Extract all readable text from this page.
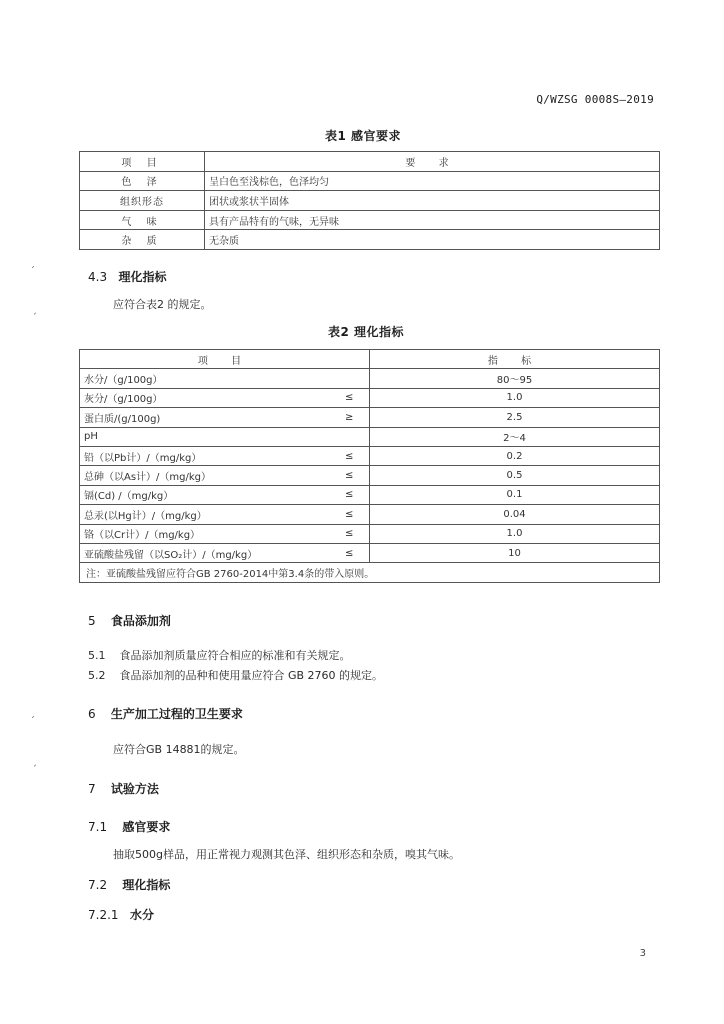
Q/WZSG 0008S—2019
表1 感官要求
项 目	要 求
色 泽	呈白色至浅棕色，色泽均匀
组织形态	团状或浆状半固体
气 味	具有产品特有的气味，无异味
杂 质	无杂质
ˊ
ˏ
4.3 理化指标
应符合表2 的规定。
表2 理化指标
项 目		指 标
水分/（g/100g）		80～95
灰分/（g/100g）	≤	1.0
蛋白质/(g/100g)	≥	2.5
pH		2～4
铅（以Pb计）/（mg/kg）	≤	0.2
总砷（以As计）/（mg/kg）	≤	0.5
镉(Cd) /（mg/kg）	≤	0.1
总汞(以Hg计）/（mg/kg）	≤	0.04
铬（以Cr计）/（mg/kg）	≤	1.0
亚硫酸盐残留（以SO₂计）/（mg/kg）	≤	10
注：亚硫酸盐残留应符合GB 2760-2014中第3.4条的带入原则。		
5 食品添加剂
5.1 食品添加剂质量应符合相应的标准和有关规定。
5.2 食品添加剂的品种和使用量应符合 GB 2760 的规定。
ˊ
ˏ
6 生产加工过程的卫生要求
应符合GB 14881的规定。
7 试验方法
7.1 感官要求
抽取500g样品，用正常视力观测其色泽、组织形态和杂质，嗅其气味。
7.2 理化指标
7.2.1 水分
3
